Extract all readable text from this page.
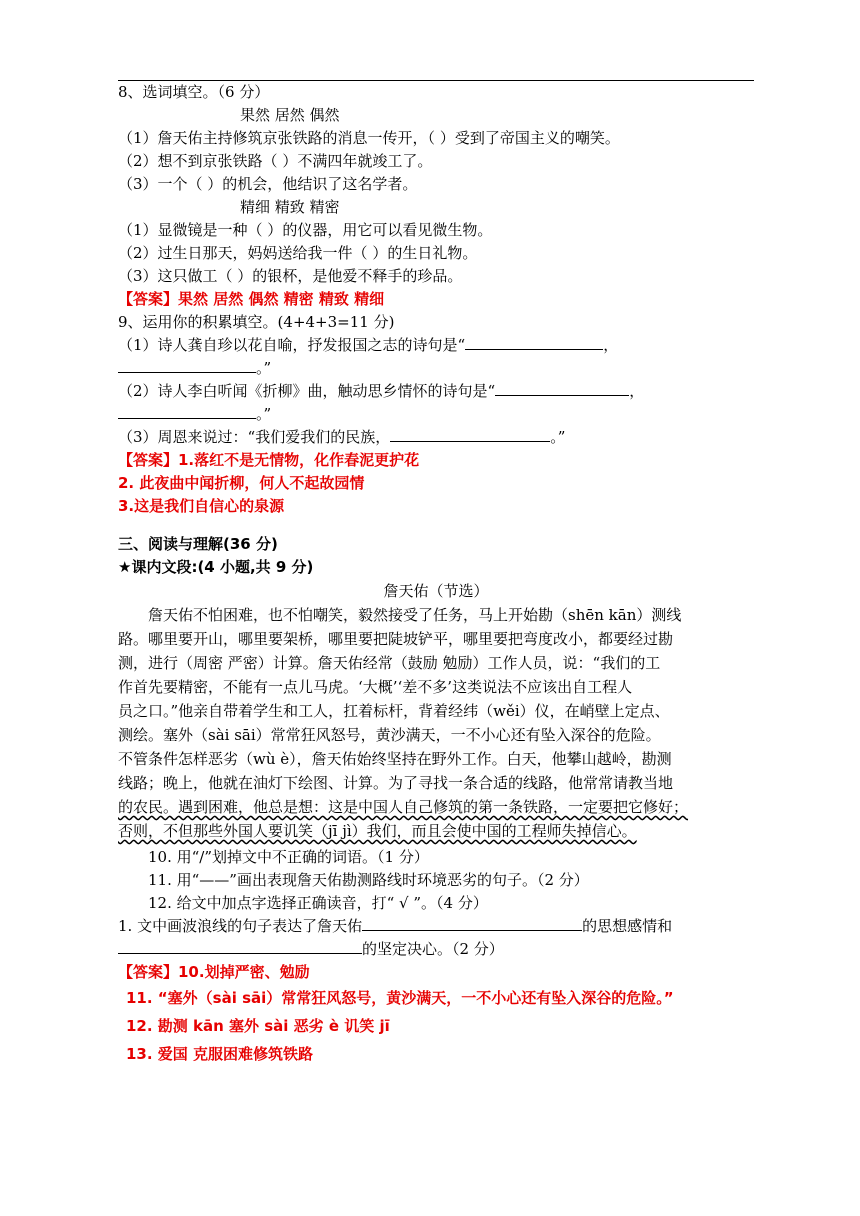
8、选词填空。（6 分）
果然 居然 偶然
（1）詹天佑主持修筑京张铁路的消息一传开，（ ）受到了帝国主义的嘲笑。
（2）想不到京张铁路（ ）不满四年就竣工了。
（3）一个（ ）的机会，他结识了这名学者。
精细 精致 精密
（1）显微镜是一种（ ）的仪器，用它可以看见微生物。
（2）过生日那天，妈妈送给我一件（ ）的生日礼物。
（3）这只做工（ ）的银杯，是他爱不释手的珍品。
【答案】果然 居然 偶然 精密 精致 精细
9、运用你的积累填空。(4+4+3=11 分)
（1）诗人龚自珍以花自喻，抒发报国之志的诗句是“	，
。”
（2）诗人李白听闻《折柳》曲，触动思乡情怀的诗句是“	，
。”
（3）周恩来说过：“我们爱我们的民族，	。”
【答案】1.落红不是无情物，化作春泥更护花
2. 此夜曲中闻折柳，何人不起故园情
3.这是我们自信心的泉源
三、阅读与理解(36 分)
★课内文段:(4 小题,共 9 分)
詹天佑（节选）
詹天佑不怕困难，也不怕嘲笑，毅然接受了任务，马上开始勘（shēn kān）测线
路。哪里要开山，哪里要架桥，哪里要把陡坡铲平，哪里要把弯度改小，都要经过勘
测，进行（周密 严密）计算。詹天佑经常（鼓励 勉励）工作人员，说：“我们的工
作首先要精密，不能有一点儿马虎。‘大概’‘差不多’这类说法不应该出自工程人
员之口。”他亲自带着学生和工人，扛着标杆，背着经纬（wěi）仪，在峭壁上定点、
测绘。塞外（sài sāi）常常狂风怒号，黄沙满天，一不小心还有坠入深谷的危险。
不管条件怎样恶劣（wù è），詹天佑始终坚持在野外工作。白天，他攀山越岭，勘测
线路；晚上，他就在油灯下绘图、计算。为了寻找一条合适的线路，他常常请教当地
的农民。遇到困难，他总是想：这是中国人自己修筑的第一条铁路，一定要把它修好；
否则，不但那些外国人要讥笑（jī jì）我们，而且会使中国的工程师失掉信心。
10. 用“/”划掉文中不正确的词语。（1 分）
11. 用“——”画出表现詹天佑勘测路线时环境恶劣的句子。（2 分）
12. 给文中加点字选择正确读音，打“ √ ”。（4 分）
1. 文中画波浪线的句子表达了詹天佑	的思想感情和
的坚定决心。（2 分）
【答案】10.划掉严密、勉励
11. “塞外（sài sāi）常常狂风怒号，黄沙满天，一不小心还有坠入深谷的危险。”
12. 勘测 kān 塞外 sài 恶劣 è 讥笑 jī
13. 爱国 克服困难修筑铁路
